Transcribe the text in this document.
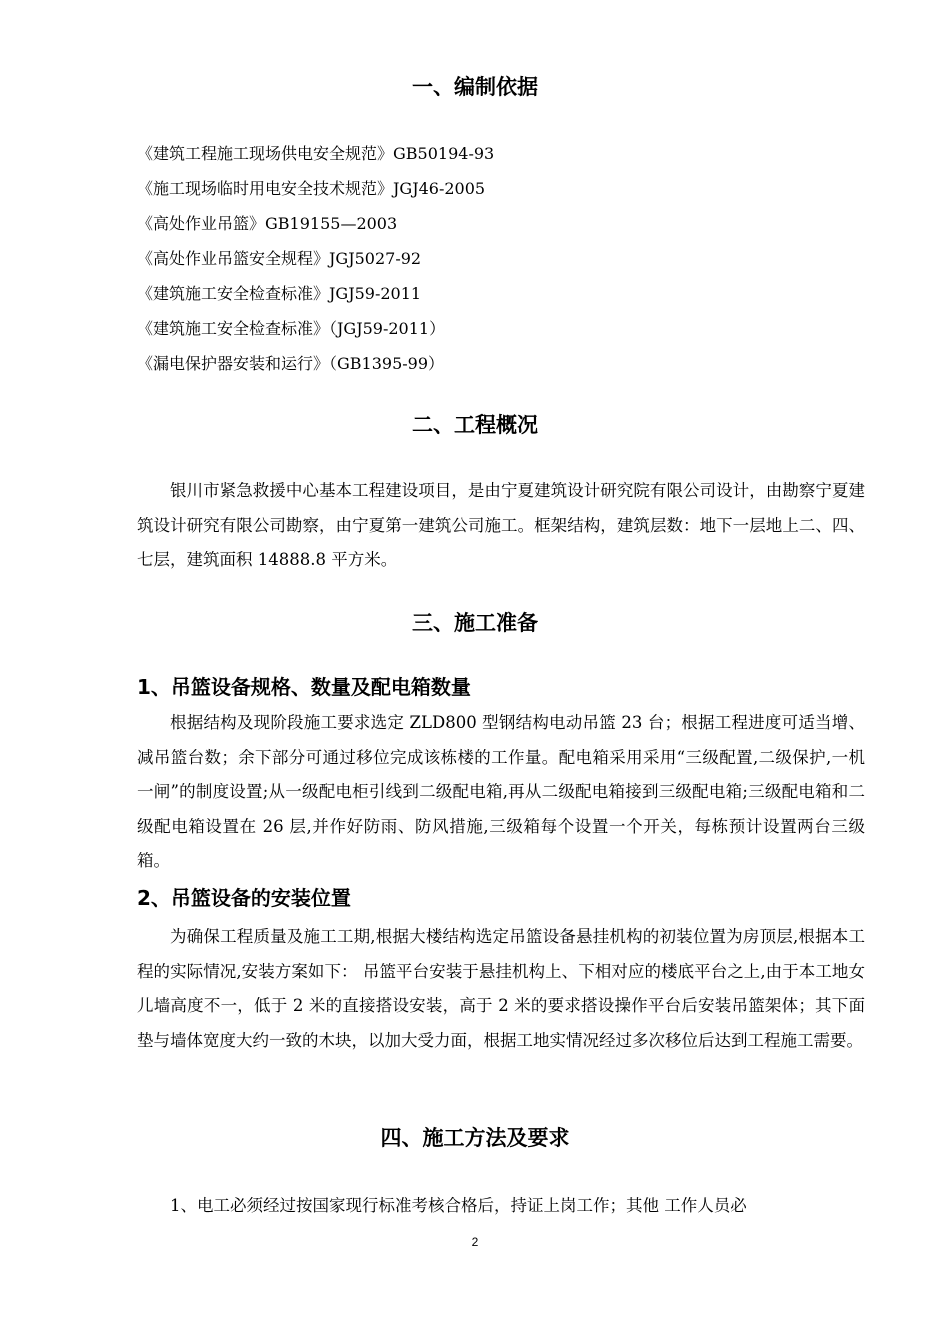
一、编制依据
《建筑工程施工现场供电安全规范》GB50194-93
《施工现场临时用电安全技术规范》JGJ46-2005
《高处作业吊篮》GB19155—2003
《高处作业吊篮安全规程》JGJ5027-92
《建筑施工安全检查标准》JGJ59-2011
《建筑施工安全检查标准》（JGJ59-2011）
《漏电保护器安装和运行》（GB1395-99）
二、工程概况
银川市紧急救援中心基本工程建设项目，是由宁夏建筑设计研究院有限公司设计，由勘察宁夏建筑设计研究有限公司勘察，由宁夏第一建筑公司施工。框架结构，建筑层数：地下一层地上二、四、七层，建筑面积 14888.8 平方米。
三、施工准备
1、吊篮设备规格、数量及配电箱数量
根据结构及现阶段施工要求选定 ZLD800 型钢结构电动吊篮 23 台；根据工程进度可适当增、减吊篮台数；余下部分可通过移位完成该栋楼的工作量。配电箱采用采用“三级配置,二级保护,一机一闸”的制度设置;从一级配电柜引线到二级配电箱,再从二级配电箱接到三级配电箱;三级配电箱和二级配电箱设置在 26 层,并作好防雨、防风措施,三级箱每个设置一个开关，每栋预计设置两台三级箱。
2、吊篮设备的安装位置
为确保工程质量及施工工期,根据大楼结构选定吊篮设备悬挂机构的初装位置为房顶层,根据本工程的实际情况,安装方案如下： 吊篮平台安装于悬挂机构上、下相对应的楼底平台之上,由于本工地女儿墙高度不一，低于 2 米的直接搭设安装，高于 2 米的要求搭设操作平台后安装吊篮架体；其下面垫与墙体宽度大约一致的木块，以加大受力面，根据工地实情况经过多次移位后达到工程施工需要。
四、施工方法及要求
1、电工必须经过按国家现行标准考核合格后，持证上岗工作；其他 工作人员必
2
